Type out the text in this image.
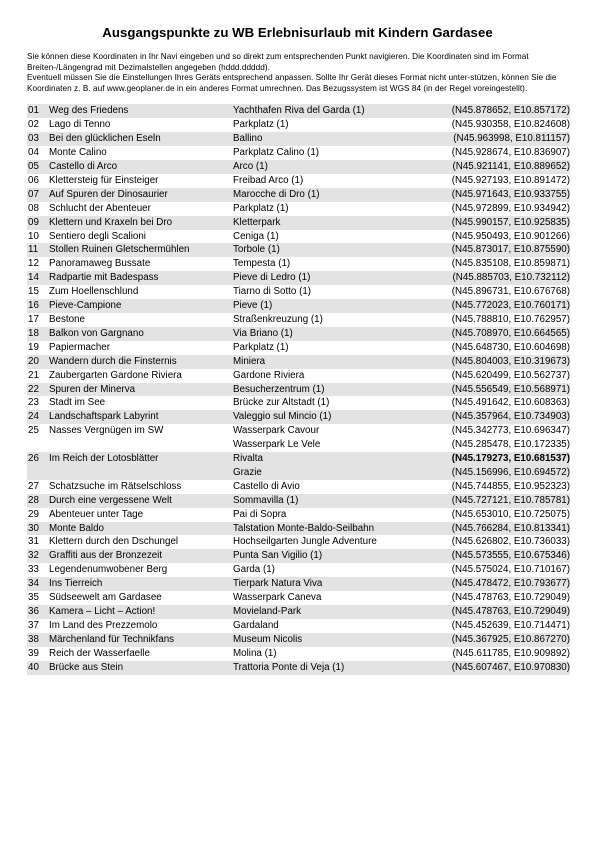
Ausgangspunkte zu WB Erlebnisurlaub mit Kindern Gardasee

Sie können diese Koordinaten in Ihr Navi eingeben und so direkt zum entsprechenden Punkt navigieren. Die Koordinaten sind im Format Breiten-/Längengrad mit Dezimalstellen angegeben (hddd.ddddd).

Eventuell müssen Sie die Einstellungen Ihres Geräts entsprechend anpassen. Sollte Ihr Gerät dieses Format nicht unter-stützen, können Sie die Koordinaten z. B. auf www.geoplaner.de in ein anderes Format umrechnen. Das Bezugssystem ist WGS 84 (in der Regel voreingestellt).

01	Weg des Friedens	Yachthafen Riva del Garda (1)	(N45.878652, E10.857172)
02	Lago di Tenno	Parkplatz (1)	(N45.930358, E10.824608)
03	Bei den glücklichen Eseln	Ballino	(N45.963998, E10.811157)
04	Monte Calino	Parkplatz Calino (1)	(N45.928674, E10.836907)
05	Castello di Arco	Arco (1)	(N45.921141, E10.889652)
06	Klettersteig für Einsteiger	Freibad Arco (1)	(N45.927193, E10.891472)
07	Auf Spuren der Dinosaurier	Marocche di Dro (1)	(N45.971643, E10.933755)
08	Schlucht der Abenteuer	Parkplatz (1)	(N45.972899, E10.934942)
09	Klettern und Kraxeln bei Dro	Kletterpark	(N45.990157, E10.925835)
10	Sentiero degli Scalioni	Ceniga (1)	(N45.950493, E10.901266)
11	Stollen Ruinen Gletschermühlen	Torbole (1)	(N45.873017, E10.875590)
12	Panoramaweg Bussate	Tempesta (1)	(N45.835108, E10.859871)
14	Radpartie mit Badespass	Pieve di Ledro (1)	(N45.885703, E10.732112)
15	Zum Hoellenschlund	Tiarno di Sotto (1)	(N45.896731, E10.676768)
16	Pieve-Campione	Pieve (1)	(N45.772023, E10.760171)
17	Bestone	Straßenkreuzung (1)	(N45.788810, E10.762957)
18	Balkon von Gargnano	Via Briano (1)	(N45.708970, E10.664565)
19	Papiermacher	Parkplatz (1)	(N45.648730, E10.604698)
20	Wandern durch die Finsternis	Miniera	(N45.804003, E10.319673)
21	Zaubergarten Gardone Riviera	Gardone Riviera	(N45.620499, E10.562737)
22	Spuren der Minerva	Besucherzentrum (1)	(N45.556549, E10.568971)
23	Stadt im See	Brücke zur Altstadt (1)	(N45.491642, E10.608363)
24	Landschaftspark Labyrint	Valeggio sul Mincio (1)	(N45.357964, E10.734903)
25	Nasses Vergnügen im SW	Wasserpark Cavour	(N45.342773, E10.696347)
		Wasserpark Le Vele	(N45.285478, E10.172335)
26	Im Reich der Lotosblätter	Rivalta	(N45.179273, E10.681537)
		Grazie	(N45.156996, E10.694572)
27	Schatzsuche im Rätselschloss	Castello di Avio	(N45.744855, E10.952323)
28	Durch eine vergessene Welt	Sommavilla (1)	(N45.727121, E10.785781)
29	Abenteuer unter Tage	Pai di Sopra	(N45.653010, E10.725075)
30	Monte Baldo	Talstation Monte-Baldo-Seilbahn	(N45.766284, E10.813341)
31	Klettern durch den Dschungel	Hochseilgarten Jungle Adventure	(N45.626802, E10.736033)
32	Graffiti aus der Bronzezeit	Punta San Vigilio (1)	(N45.573555, E10.675346)
33	Legendenumwobener Berg	Garda (1)	(N45.575024, E10.710167)
34	Ins Tierreich	Tierpark Natura Viva	(N45.478472, E10.793677)
35	Südseewelt am Gardasee	Wasserpark Caneva	(N45.478763, E10.729049)
36	Kamera – Licht – Action!	Movieland-Park	(N45.478763, E10.729049)
37	Im Land des Prezzemolo	Gardaland	(N45.452639, E10.714471)
38	Märchenland für Technikfans	Museum Nicolis	(N45.367925, E10.867270)
39	Reich der Wasserfaelle	Molina (1)	(N45.611785, E10.909892)
40	Brücke aus Stein	Trattoria Ponte di Veja (1)	(N45.607467, E10.970830)
